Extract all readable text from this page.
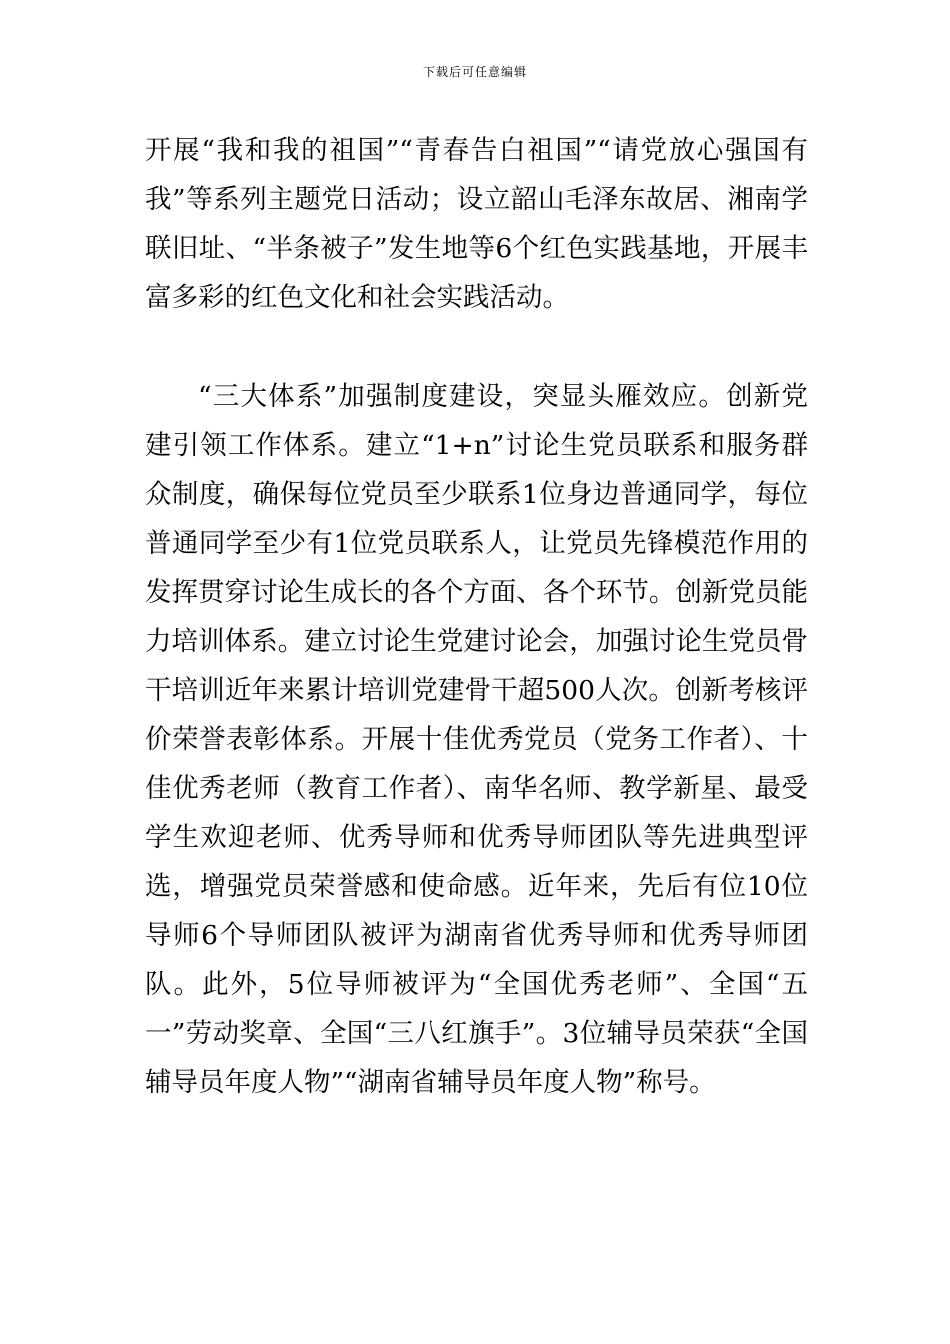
下载后可任意编辑

开展“我和我的祖国”“青春告白祖国”“请党放心强国有我”等系列主题党日活动；设立韶山毛泽东故居、湘南学联旧址、“半条被子”发生地等6个红色实践基地，开展丰富多彩的红色文化和社会实践活动。

“三大体系”加强制度建设，突显头雁效应。创新党建引领工作体系。建立“1+n”讨论生党员联系和服务群众制度，确保每位党员至少联系1位身边普通同学，每位普通同学至少有1位党员联系人，让党员先锋模范作用的发挥贯穿讨论生成长的各个方面、各个环节。创新党员能力培训体系。建立讨论生党建讨论会，加强讨论生党员骨干培训近年来累计培训党建骨干超500人次。创新考核评价荣誉表彰体系。开展十佳优秀党员（党务工作者）、十佳优秀老师（教育工作者）、南华名师、教学新星、最受学生欢迎老师、优秀导师和优秀导师团队等先进典型评选，增强党员荣誉感和使命感。近年来，先后有位10位导师6个导师团队被评为湖南省优秀导师和优秀导师团队。此外，5位导师被评为“全国优秀老师”、全国“五一”劳动奖章、全国“三八红旗手”。3位辅导员荣获“全国辅导员年度人物”“湖南省辅导员年度人物”称号。
